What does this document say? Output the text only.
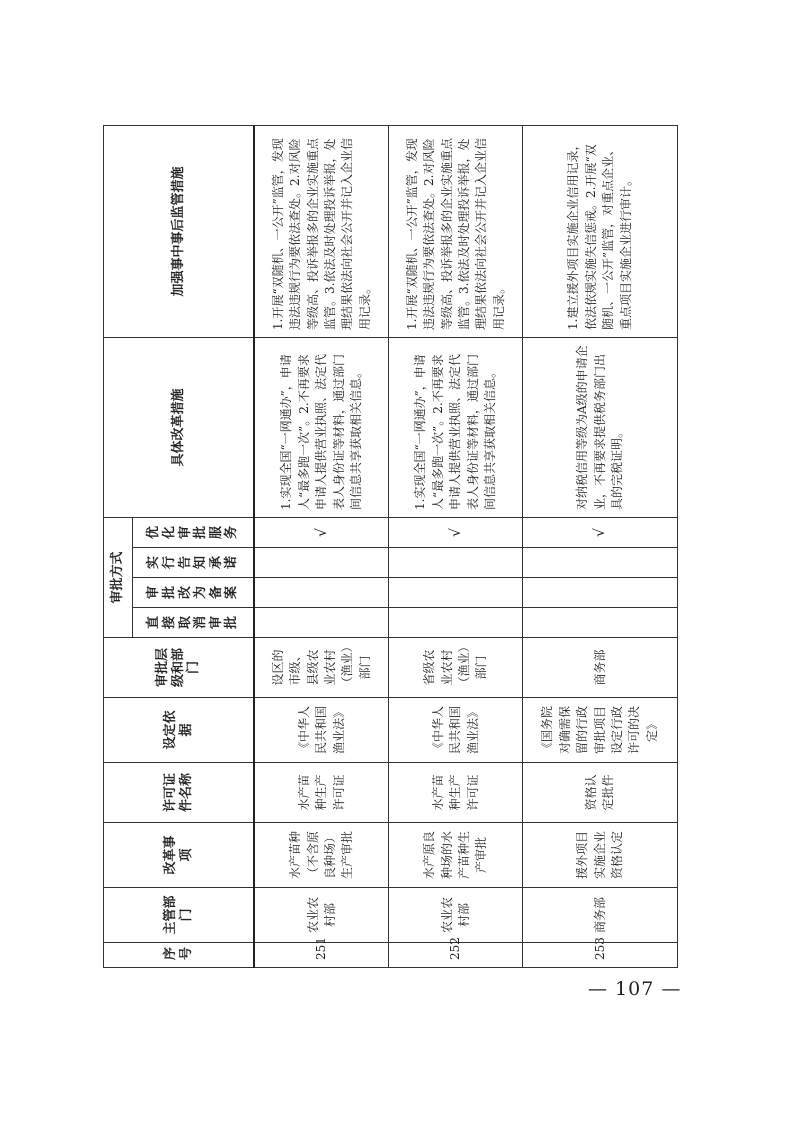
序号	主管部门	改革事项	许可证件名称	设定依据	审批层级和部门	审批方式				具体改革措施	加强事中事后监管措施
						直接取消审批	审批改为备案	实行告知承诺	优化审批服务		
251	农业农村部	水产苗种（不含原良种场）生产审批	水产苗种生产许可证	《中华人民共和国渔业法》	设区的市级、县级农业农村（渔业）部门				√	1.实现全国“一网通办”，申请人“最多跑一次”。2.不再要求申请人提供营业执照、法定代表人身份证等材料，通过部门间信息共享获取相关信息。	1.开展“双随机、一公开”监管，发现违法违规行为要依法查处。2.对风险等级高、投诉举报多的企业实施重点监管。3.依法及时处理投诉举报，处理结果依法向社会公开并记入企业信用记录。
252	农业农村部	水产原良种场的水产苗种生产审批	水产苗种生产许可证	《中华人民共和国渔业法》	省级农业农村（渔业）部门				√	1.实现全国“一网通办”，申请人“最多跑一次”。2.不再要求申请人提供营业执照、法定代表人身份证等材料，通过部门间信息共享获取相关信息。	1.开展“双随机、一公开”监管，发现违法违规行为要依法查处。2.对风险等级高、投诉举报多的企业实施重点监管。3.依法及时处理投诉举报，处理结果依法向社会公开并记入企业信用记录。
253	商务部	援外项目实施企业资格认定	资格认定批件	《国务院对确需保留的行政审批项目设定行政许可的决定》	商务部				√	对纳税信用等级为A级的申请企业，不再要求提供税务部门出具的完税证明。	1.建立援外项目实施企业信用记录，依法依规实施失信惩戒。2.开展“双随机、一公开”监管，对重点企业、重点项目实施企业进行审计。
— 107 —
